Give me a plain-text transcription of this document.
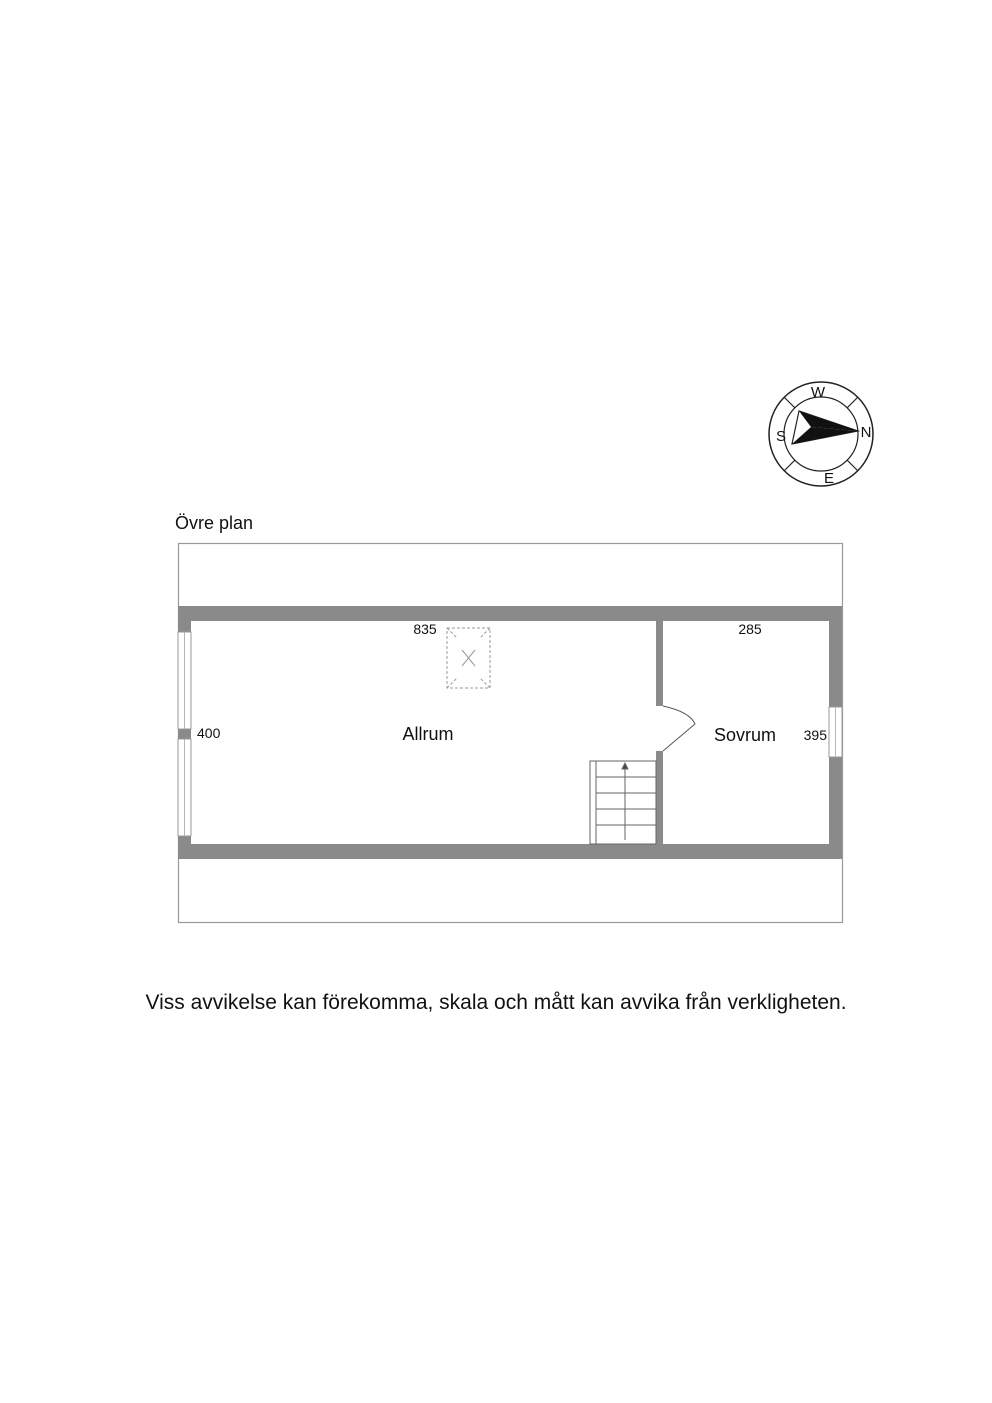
Övre plan
Allrum
835
400	Sovrum
285
395
W
N
E
S
Viss avvikelse kan förekomma, skala och mått kan avvika från verkligheten.
